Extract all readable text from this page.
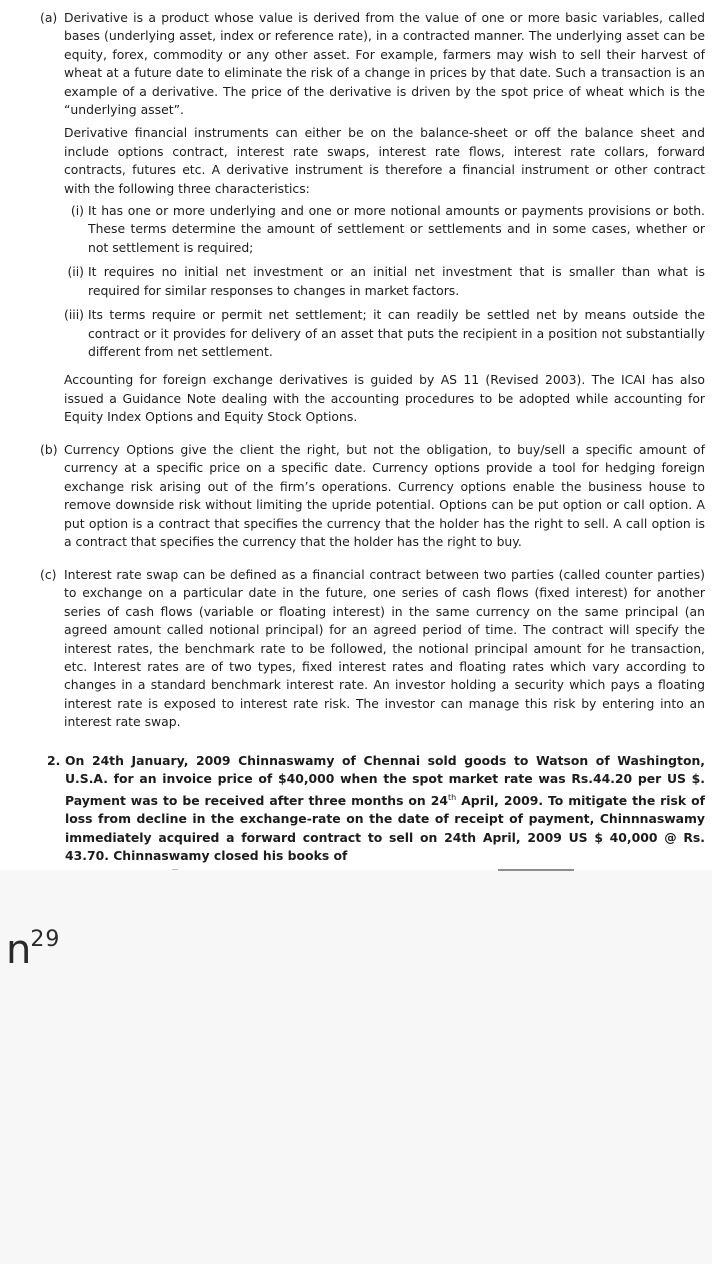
(a) Derivative is a product whose value is derived from the value of one or more basic variables, called bases (underlying asset, index or reference rate), in a contracted manner. The underlying asset can be equity, forex, commodity or any other asset. For example, farmers may wish to sell their harvest of wheat at a future date to eliminate the risk of a change in prices by that date. Such a transaction is an example of a derivative. The price of the derivative is driven by the spot price of wheat which is the “underlying asset”.

Derivative financial instruments can either be on the balance-sheet or off the balance sheet and include options contract, interest rate swaps, interest rate flows, interest rate collars, forward contracts, futures etc. A derivative instrument is therefore a financial instrument or other contract with the following three characteristics:

(i) It has one or more underlying and one or more notional amounts or payments provisions or both. These terms determine the amount of settlement or settlements and in some cases, whether or not settlement is required;
(ii) It requires no initial net investment or an initial net investment that is smaller than what is required for similar responses to changes in market factors.
(iii) Its terms require or permit net settlement; it can readily be settled net by means outside the contract or it provides for delivery of an asset that puts the recipient in a position not substantially different from net settlement.

Accounting for foreign exchange derivatives is guided by AS 11 (Revised 2003). The ICAI has also issued a Guidance Note dealing with the accounting procedures to be adopted while accounting for Equity Index Options and Equity Stock Options.

(b) Currency Options give the client the right, but not the obligation, to buy/sell a specific amount of currency at a specific price on a specific date. Currency options provide a tool for hedging foreign exchange risk arising out of the firm’s operations. Currency options enable the business house to remove downside risk without limiting the upride potential. Options can be put option or call option. A put option is a contract that specifies the currency that the holder has the right to sell. A call option is a contract that specifies the currency that the holder has the right to buy.

(c) Interest rate swap can be defined as a financial contract between two parties (called counter parties) to exchange on a particular date in the future, one series of cash flows (fixed interest) for another series of cash flows (variable or floating interest) in the same currency on the same principal (an agreed amount called notional principal) for an agreed period of time. The contract will specify the interest rates, the benchmark rate to be followed, the notional principal amount for he transaction, etc. Interest rates are of two types, fixed interest rates and floating rates which vary according to changes in a standard benchmark interest rate. An investor holding a security which pays a floating interest rate is exposed to interest rate risk. The investor can manage this risk by entering into an interest rate swap.

2. On 24th January, 2009 Chinnaswamy of Chennai sold goods to Watson of Washington, U.S.A. for an invoice price of $40,000 when the spot market rate was Rs.44.20 per US $. Payment was to be received after three months on 24th April, 2009. To mitigate the risk of loss from decline in the exchange-rate on the date of receipt of payment, Chinnnaswamy immediately acquired a forward contract to sell on 24th April, 2009 US $ 40,000 @ Rs. 43.70. Chinnaswamy closed his books of
$n^{29}$
